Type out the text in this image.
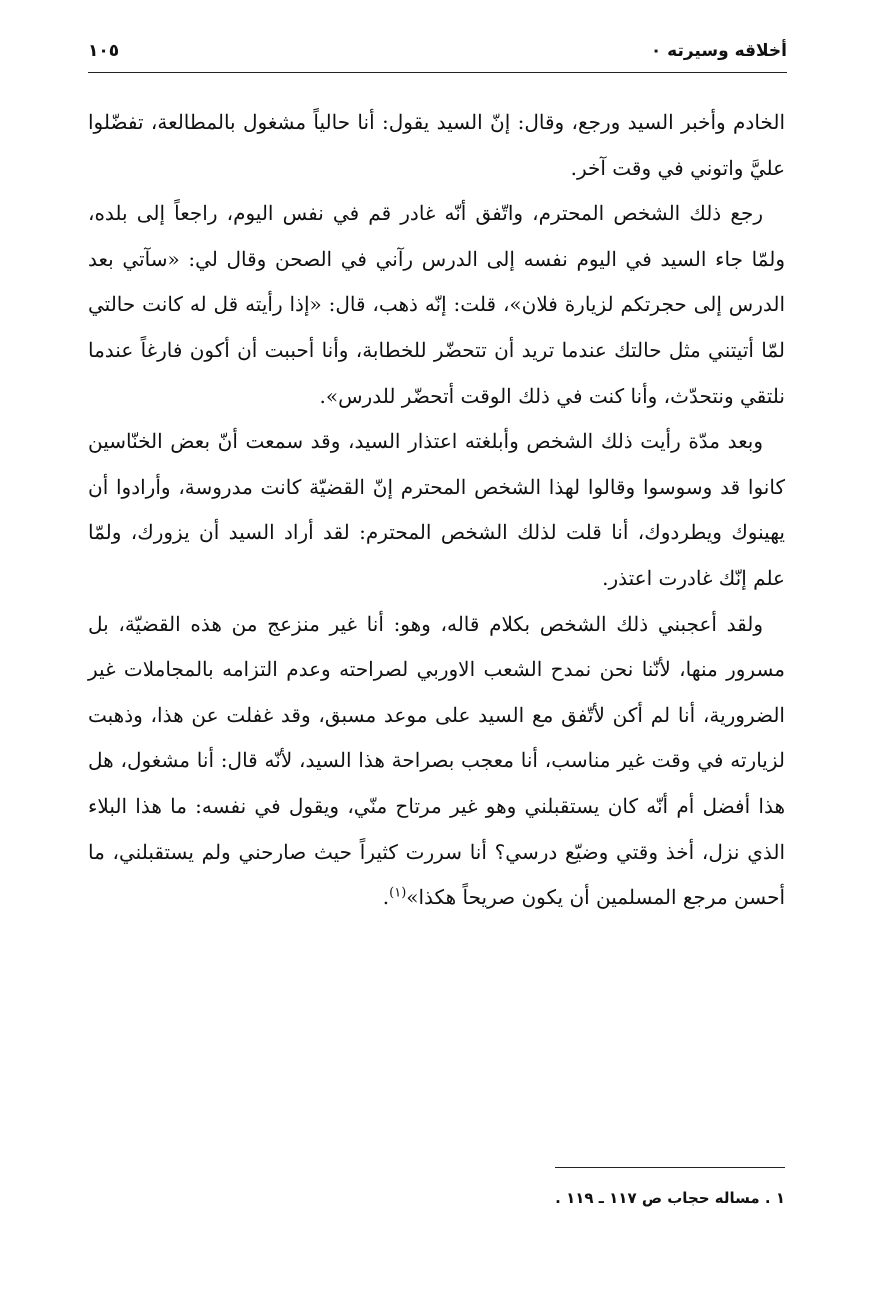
أخلاقه وسيرته ٠
١٠٥

الخادم وأخبر السيد ورجع، وقال: إنّ السيد يقول: أنا حالياً مشغول بالمطالعة، تفضّلوا عليَّ واتوني في وقت آخر.

رجع ذلك الشخص المحترم، واتّفق أنّه غادر قم في نفس اليوم، راجعاً إلى بلده، ولمّا جاء السيد في اليوم نفسه إلى الدرس رآني في الصحن وقال لي: «سآتي بعد الدرس إلى حجرتكم لزيارة فلان»، قلت: إنّه ذهب، قال: «إذا رأيته قل له كانت حالتي لمّا أتيتني مثل حالتك عندما تريد أن تتحضّر للخطابة، وأنا أحببت أن أكون فارغاً عندما نلتقي ونتحدّث، وأنا كنت في ذلك الوقت أتحضّر للدرس».

وبعد مدّة رأيت ذلك الشخص وأبلغته اعتذار السيد، وقد سمعت أنّ بعض الخنّاسين كانوا قد وسوسوا وقالوا لهذا الشخص المحترم إنّ القضيّة كانت مدروسة، وأرادوا أن يهينوك ويطردوك، أنا قلت لذلك الشخص المحترم: لقد أراد السيد أن يزورك، ولمّا علم إنّك غادرت اعتذر.

ولقد أعجبني ذلك الشخص بكلام قاله، وهو: أنا غير منزعج من هذه القضيّة، بل مسرور منها، لأنّنا نحن نمدح الشعب الاوربي لصراحته وعدم التزامه بالمجاملات غير الضرورية، أنا لم أكن لأتّفق مع السيد على موعد مسبق، وقد غفلت عن هذا، وذهبت لزيارته في وقت غير مناسب، أنا معجب بصراحة هذا السيد، لأنّه قال: أنا مشغول، هل هذا أفضل أم أنّه كان يستقبلني وهو غير مرتاح منّي، ويقول في نفسه: ما هذا البلاء الذي نزل، أخذ وقتي وضيّع درسي؟ أنا سررت كثيراً حيث صارحني ولم يستقبلني، ما أحسن مرجع المسلمين أن يكون صريحاً هكذا»$^{(١)}$.

١ . مساله حجاب ص ١١٧ ـ ١١٩ .
